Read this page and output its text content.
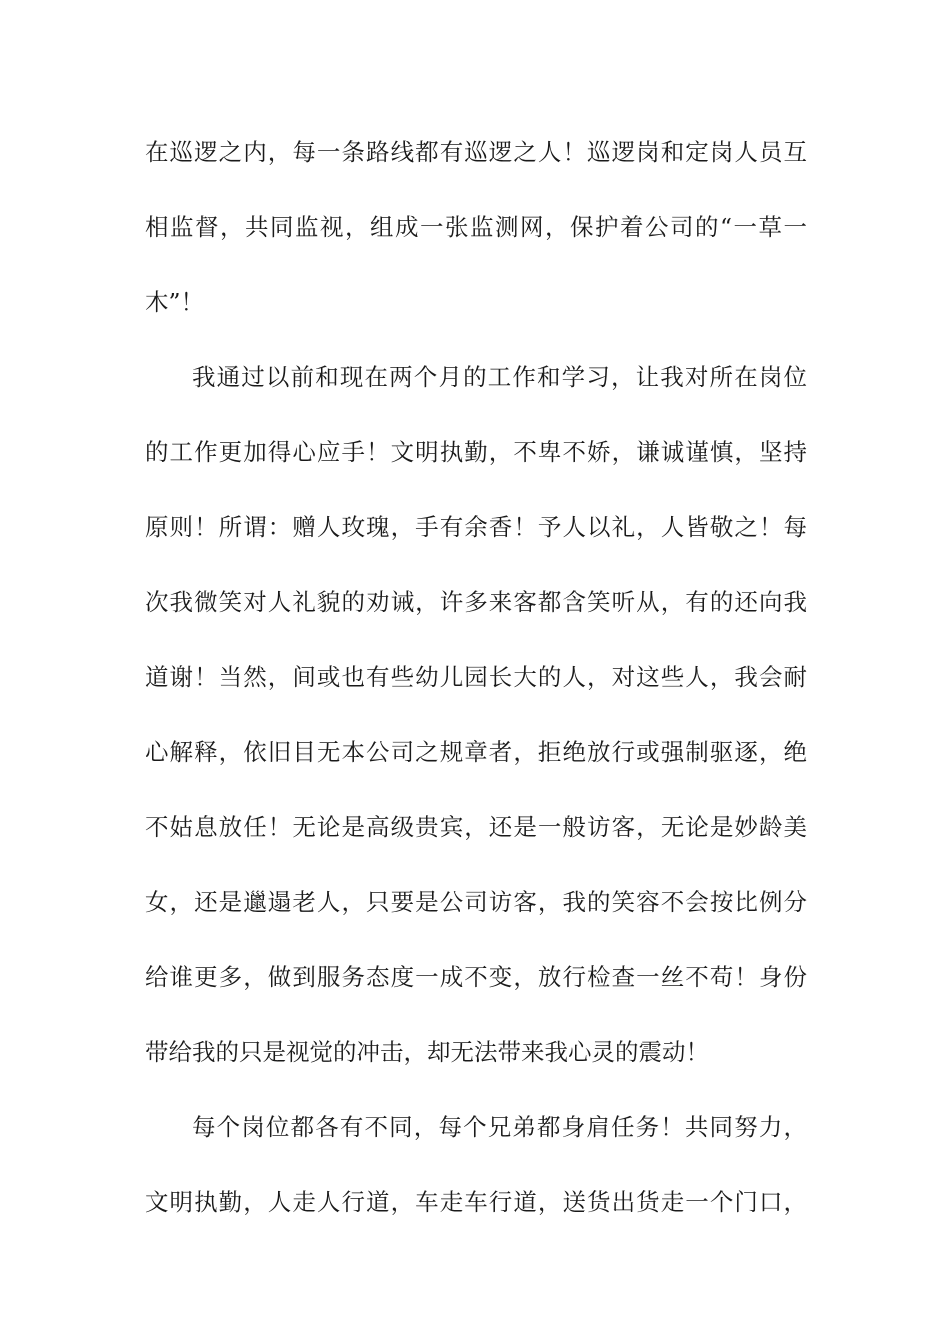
在巡逻之内，每一条路线都有巡逻之人！巡逻岗和定岗人员互
相监督，共同监视，组成一张监测网，保护着公司的“一草一
木”！
我通过以前和现在两个月的工作和学习，让我对所在岗位
的工作更加得心应手！文明执勤，不卑不娇，谦诚谨慎，坚持
原则！所谓：赠人玫瑰，手有余香！予人以礼，人皆敬之！每
次我微笑对人礼貌的劝诫，许多来客都含笑听从，有的还向我
道谢！当然，间或也有些幼儿园长大的人，对这些人，我会耐
心解释，依旧目无本公司之规章者，拒绝放行或强制驱逐，绝
不姑息放任！无论是高级贵宾，还是一般访客，无论是妙龄美
女，还是邋遢老人，只要是公司访客，我的笑容不会按比例分
给谁更多，做到服务态度一成不变，放行检查一丝不苟！身份
带给我的只是视觉的冲击，却无法带来我心灵的震动！
每个岗位都各有不同，每个兄弟都身肩任务！共同努力，
文明执勤，人走人行道，车走车行道，送货出货走一个门口，
